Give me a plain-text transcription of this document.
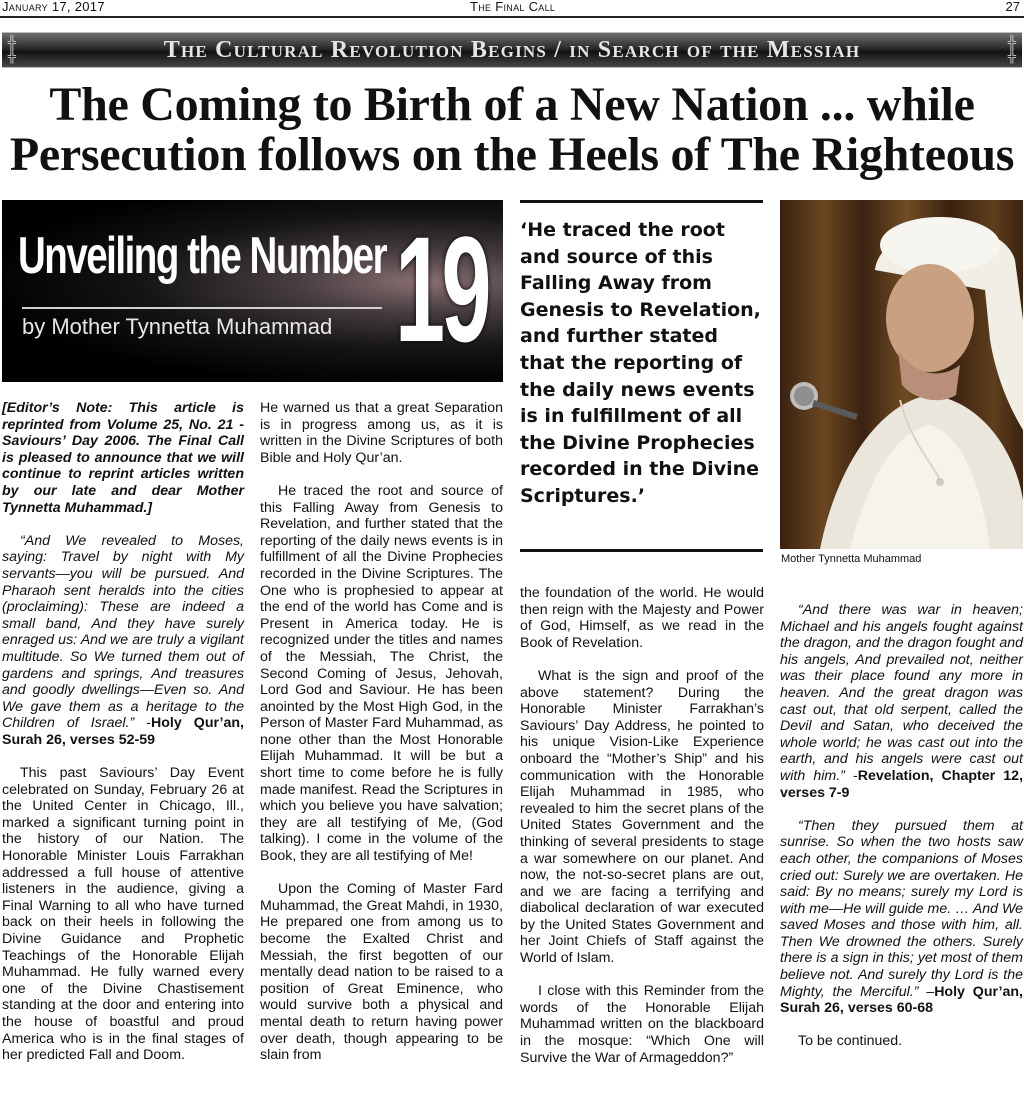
January 17, 2017	The Final Call	27
╬
╬	The Cultural Revolution Begins / in Search of the Messiah	╬
╬
The Coming to Birth of a New Nation ... while
Persecution follows on the Heels of The Righteous
Unveiling the Number
by Mother Tynnetta Muhammad 19 ‘He traced the root and source of this Falling Away from Genesis to Revelation, and further stated that the reporting of the daily news events is in fulfillment of all the Divine Prophecies recorded in the Divine Scriptures.’

Mother Tynnetta Muhammad

[Editor’s Note: This article is reprinted from Volume 25, No. 21 - Saviours’ Day 2006. The Final Call is pleased to announce that we will continue to reprint articles written by our late and dear Mother Tynnetta Muhammad.]

“And We revealed to Moses, saying: Travel by night with My servants—you will be pursued. And Pharaoh sent heralds into the cities (proclaiming): These are indeed a small band, And they have surely enraged us: And we are truly a vigilant multitude. So We turned them out of gardens and springs, And treasures and goodly dwellings—Even so. And We gave them as a heritage to the Children of Israel.” -Holy Qur’an, Surah 26, verses 52-59

This past Saviours’ Day Event celebrated on Sunday, February 26 at the United Center in Chicago, Ill., marked a significant turning point in the history of our Nation. The Honorable Minister Louis Farrakhan addressed a full house of attentive listeners in the audience, giving a Final Warning to all who have turned back on their heels in following the Divine Guidance and Prophetic Teachings of the Honorable Elijah Muhammad. He fully warned every one of the Divine Chastisement standing at the door and entering into the house of boastful and proud America who is in the final stages of her predicted Fall and Doom.

He warned us that a great Separation is in progress among us, as it is written in the Divine Scriptures of both Bible and Holy Qur’an.

He traced the root and source of this Falling Away from Genesis to Revelation, and further stated that the reporting of the daily news events is in fulfillment of all the Divine Prophecies recorded in the Divine Scriptures. The One who is prophesied to appear at the end of the world has Come and is Present in America today. He is recognized under the titles and names of the Messiah, The Christ, the Second Coming of Jesus, Jehovah, Lord God and Saviour. He has been anointed by the Most High God, in the Person of Master Fard Muhammad, as none other than the Most Honorable Elijah Muhammad. It will be but a short time to come before he is fully made manifest. Read the Scriptures in which you believe you have salvation; they are all testifying of Me, (God talking). I come in the volume of the Book, they are all testifying of Me!

Upon the Coming of Master Fard Muhammad, the Great Mahdi, in 1930, He prepared one from among us to become the Exalted Christ and Messiah, the first begotten of our mentally dead nation to be raised to a position of Great Eminence, who would survive both a physical and mental death to return having power over death, though appearing to be slain from

the foundation of the world. He would then reign with the Majesty and Power of God, Himself, as we read in the Book of Revelation.

What is the sign and proof of the above statement? During the Honorable Minister Farrakhan’s Saviours’ Day Address, he pointed to his unique Vision-Like Experience onboard the “Mother’s Ship” and his communication with the Honorable Elijah Muhammad in 1985, who revealed to him the secret plans of the United States Government and the thinking of several presidents to stage a war somewhere on our planet. And now, the not-so-secret plans are out, and we are facing a terrifying and diabolical declaration of war executed by the United States Government and her Joint Chiefs of Staff against the World of Islam.

I close with this Reminder from the words of the Honorable Elijah Muhammad written on the blackboard in the mosque: “Which One will Survive the War of Armageddon?”

“And there was war in heaven; Michael and his angels fought against the dragon, and the dragon fought and his angels, And prevailed not, neither was their place found any more in heaven. And the great dragon was cast out, that old serpent, called the Devil and Satan, who deceived the whole world; he was cast out into the earth, and his angels were cast out with him.” -Revelation, Chapter 12, verses 7-9

“Then they pursued them at sunrise. So when the two hosts saw each other, the companions of Moses cried out: Surely we are overtaken. He said: By no means; surely my Lord is with me—He will guide me. … And We saved Moses and those with him, all. Then We drowned the others. Surely there is a sign in this; yet most of them believe not. And surely thy Lord is the Mighty, the Merciful.” –Holy Qur’an, Surah 26, verses 60-68

To be continued.
